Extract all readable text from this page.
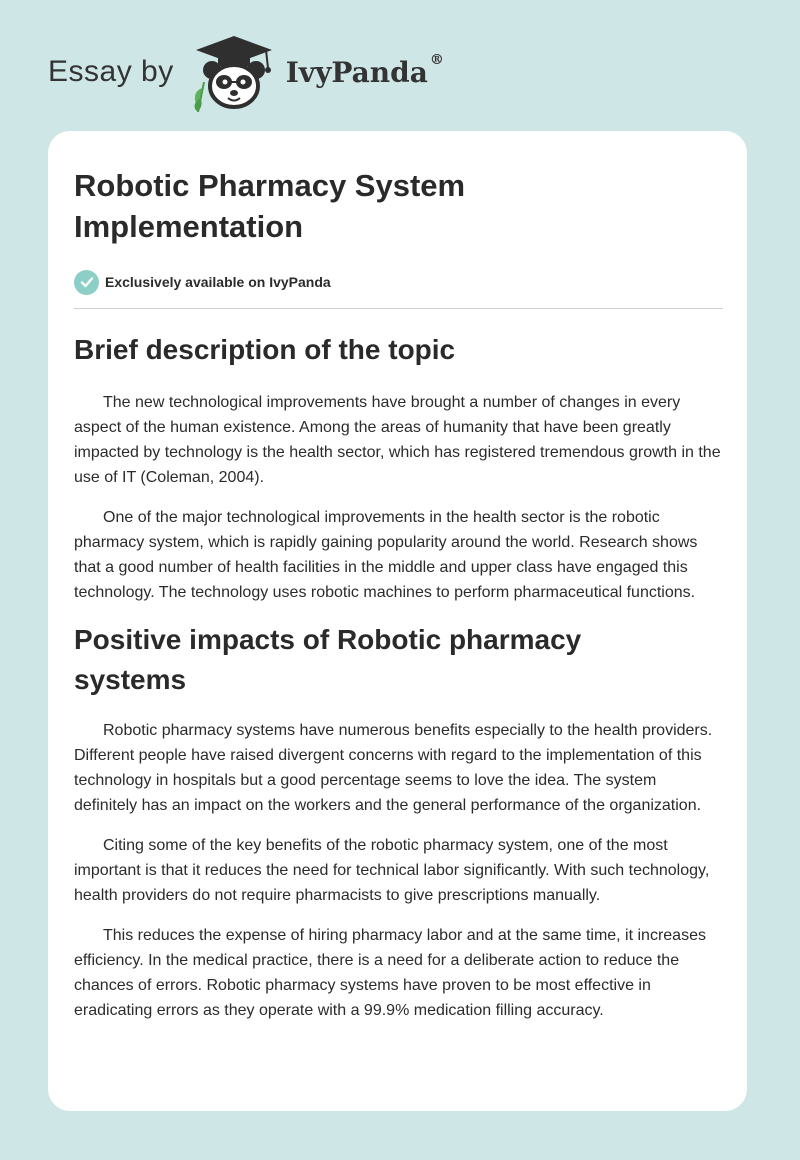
Essay by	IvyPanda ®
Robotic Pharmacy System
Implementation
Exclusively available on IvyPanda
Brief description of the topic

The new technological improvements have brought a number of changes in every aspect of the human existence. Among the areas of humanity that have been greatly impacted by technology is the health sector, which has registered tremendous growth in the use of IT (Coleman, 2004).

One of the major technological improvements in the health sector is the robotic pharmacy system, which is rapidly gaining popularity around the world. Research shows that a good number of health facilities in the middle and upper class have engaged this technology. The technology uses robotic machines to perform pharmaceutical functions.

Positive impacts of Robotic pharmacy
systems

Robotic pharmacy systems have numerous benefits especially to the health providers. Different people have raised divergent concerns with regard to the implementation of this technology in hospitals but a good percentage seems to love the idea. The system definitely has an impact on the workers and the general performance of the organization.

Citing some of the key benefits of the robotic pharmacy system, one of the most important is that it reduces the need for technical labor significantly. With such technology, health providers do not require pharmacists to give prescriptions manually.

This reduces the expense of hiring pharmacy labor and at the same time, it increases efficiency. In the medical practice, there is a need for a deliberate action to reduce the chances of errors. Robotic pharmacy systems have proven to be most effective in eradicating errors as they operate with a 99.9% medication filling accuracy.
